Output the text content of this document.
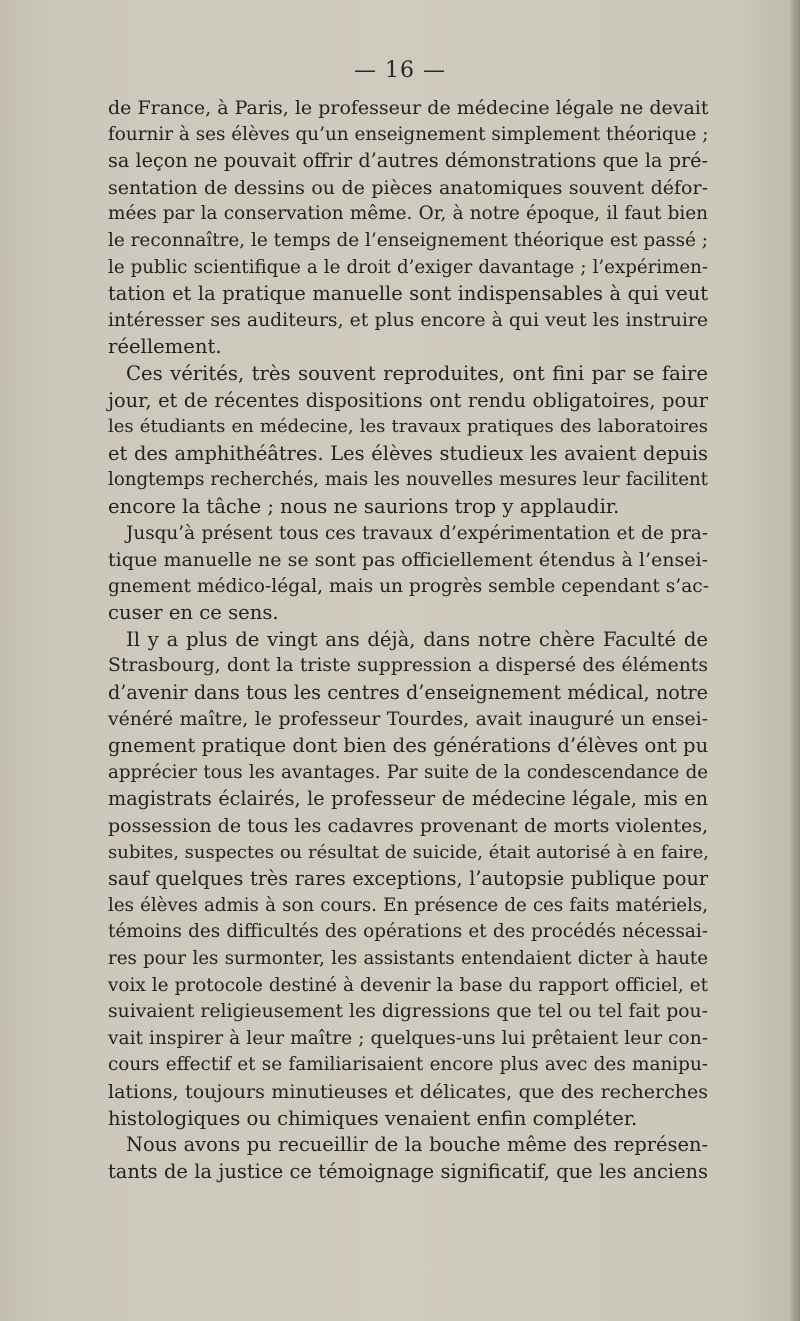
— 16 —
de France, à Paris, le professeur de médecine légale ne devait
fournir à ses élèves qu’un enseignement simplement théorique ;
sa leçon ne pouvait offrir d’autres démonstrations que la pré-
sentation de dessins ou de pièces anatomiques souvent défor-
mées par la conservation même. Or, à notre époque, il faut bien
le reconnaître, le temps de l’enseignement théorique est passé ;
le public scientifique a le droit d’exiger davantage ; l’expérimen-
tation et la pratique manuelle sont indispensables à qui veut
intéresser ses auditeurs, et plus encore à qui veut les instruire
réellement.
Ces vérités, très souvent reproduites, ont fini par se faire
jour, et de récentes dispositions ont rendu obligatoires, pour
les étudiants en médecine, les travaux pratiques des laboratoires
et des amphithéâtres. Les élèves studieux les avaient depuis
longtemps recherchés, mais les nouvelles mesures leur facilitent
encore la tâche ; nous ne saurions trop y applaudir.
Jusqu’à présent tous ces travaux d’expérimentation et de pra-
tique manuelle ne se sont pas officiellement étendus à l’ensei-
gnement médico-légal, mais un progrès semble cependant s’ac-
cuser en ce sens.
Il y a plus de vingt ans déjà, dans notre chère Faculté de
Strasbourg, dont la triste suppression a dispersé des éléments
d’avenir dans tous les centres d’enseignement médical, notre
vénéré maître, le professeur Tourdes, avait inauguré un ensei-
gnement pratique dont bien des générations d’élèves ont pu
apprécier tous les avantages. Par suite de la condescendance de
magistrats éclairés, le professeur de médecine légale, mis en
possession de tous les cadavres provenant de morts violentes,
subites, suspectes ou résultat de suicide, était autorisé à en faire,
sauf quelques très rares exceptions, l’autopsie publique pour
les élèves admis à son cours. En présence de ces faits matériels,
témoins des difficultés des opérations et des procédés nécessai-
res pour les surmonter, les assistants entendaient dicter à haute
voix le protocole destiné à devenir la base du rapport officiel, et
suivaient religieusement les digressions que tel ou tel fait pou-
vait inspirer à leur maître ; quelques-uns lui prêtaient leur con-
cours effectif et se familiarisaient encore plus avec des manipu-
lations, toujours minutieuses et délicates, que des recherches
histologiques ou chimiques venaient enfin compléter.
Nous avons pu recueillir de la bouche même des représen-
tants de la justice ce témoignage significatif, que les anciens
